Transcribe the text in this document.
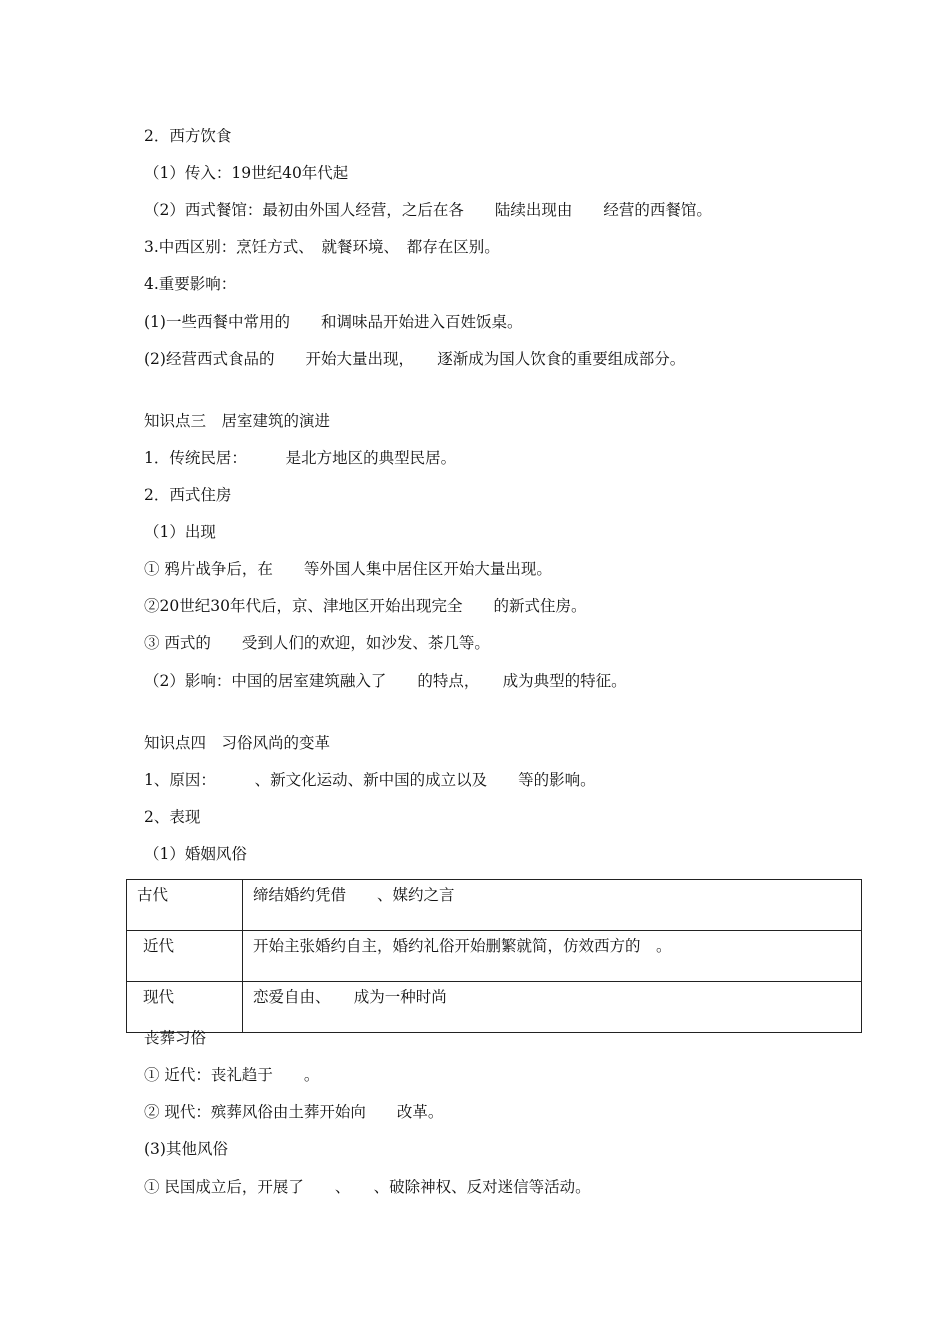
2．西方饮食
（1）传入：19世纪40年代起
（2）西式餐馆：最初由外国人经营，之后在各　　陆续出现由　　经营的西餐馆。
3.中西区别：烹饪方式、　就餐环境、　都存在区别。
4.重要影响：
(1)一些西餐中常用的　　和调味品开始进入百姓饭桌。
(2)经营西式食品的　　开始大量出现，　　逐渐成为国人饮食的重要组成部分。
知识点三　居室建筑的演进
1．传统民居：　　　是北方地区的典型民居。
2．西式住房
（1）出现
① 鸦片战争后，在　　等外国人集中居住区开始大量出现。
②20世纪30年代后，京、津地区开始出现完全　　的新式住房。
③ 西式的　　受到人们的欢迎，如沙发、茶几等。
（2）影响：中国的居室建筑融入了　　的特点，　　成为典型的特征。
知识点四　习俗风尚的变革
1、原因：　　　、新文化运动、新中国的成立以及　　等的影响。
2、表现
（1）婚姻风俗
古代	缔结婚约凭借　　、媒约之言
近代	开始主张婚约自主，婚约礼俗开始删繁就简，仿效西方的　。
现代	恋爱自由、　　成为一种时尚
丧葬习俗
① 近代：丧礼趋于　　。
② 现代：殡葬风俗由土葬开始向　　改革。
(3)其他风俗
① 民国成立后，开展了　　、　　、破除神权、反对迷信等活动。
